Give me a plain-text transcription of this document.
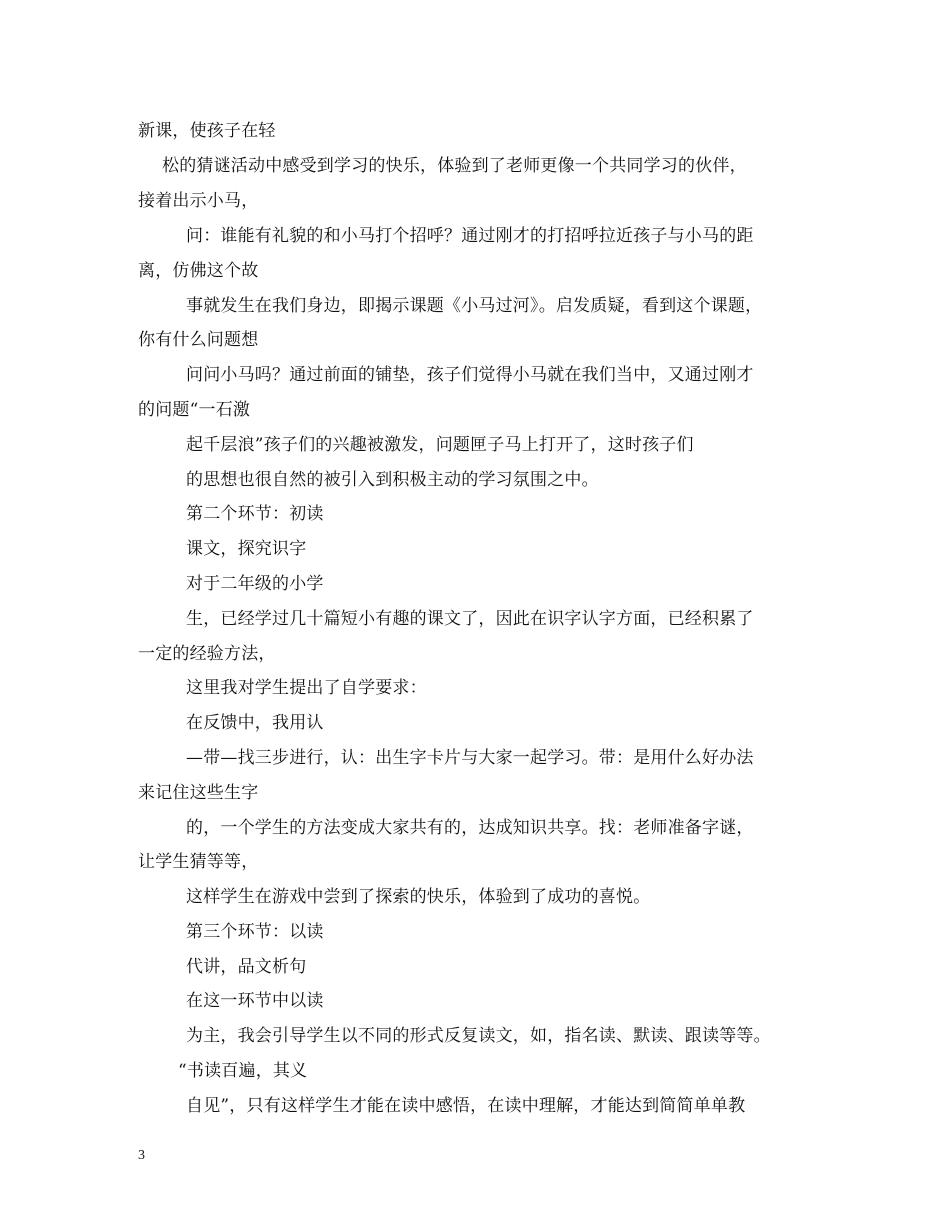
新课，使孩子在轻
松的猜谜活动中感受到学习的快乐，体验到了老师更像一个共同学习的伙伴，
接着出示小马，
问：谁能有礼貌的和小马打个招呼？通过刚才的打招呼拉近孩子与小马的距
离，仿佛这个故
事就发生在我们身边，即揭示课题《小马过河》。启发质疑，看到这个课题，
你有什么问题想
问问小马吗？通过前面的铺垫，孩子们觉得小马就在我们当中，又通过刚才
的问题“一石激
起千层浪”孩子们的兴趣被激发，问题匣子马上打开了，这时孩子们
的思想也很自然的被引入到积极主动的学习氛围之中。
第二个环节：初读
课文，探究识字
对于二年级的小学
生，已经学过几十篇短小有趣的课文了，因此在识字认字方面，已经积累了
一定的经验方法，
这里我对学生提出了自学要求：
在反馈中，我用认
—带—找三步进行，认：出生字卡片与大家一起学习。带：是用什么好办法
来记住这些生字
的，一个学生的方法变成大家共有的，达成知识共享。找：老师准备字谜，
让学生猜等等，
这样学生在游戏中尝到了探索的快乐，体验到了成功的喜悦。
第三个环节：以读
代讲，品文析句
在这一环节中以读
为主，我会引导学生以不同的形式反复读文，如，指名读、默读、跟读等等。
“书读百遍，其义
自见”，只有这样学生才能在读中感悟，在读中理解，才能达到简简单单教
3
